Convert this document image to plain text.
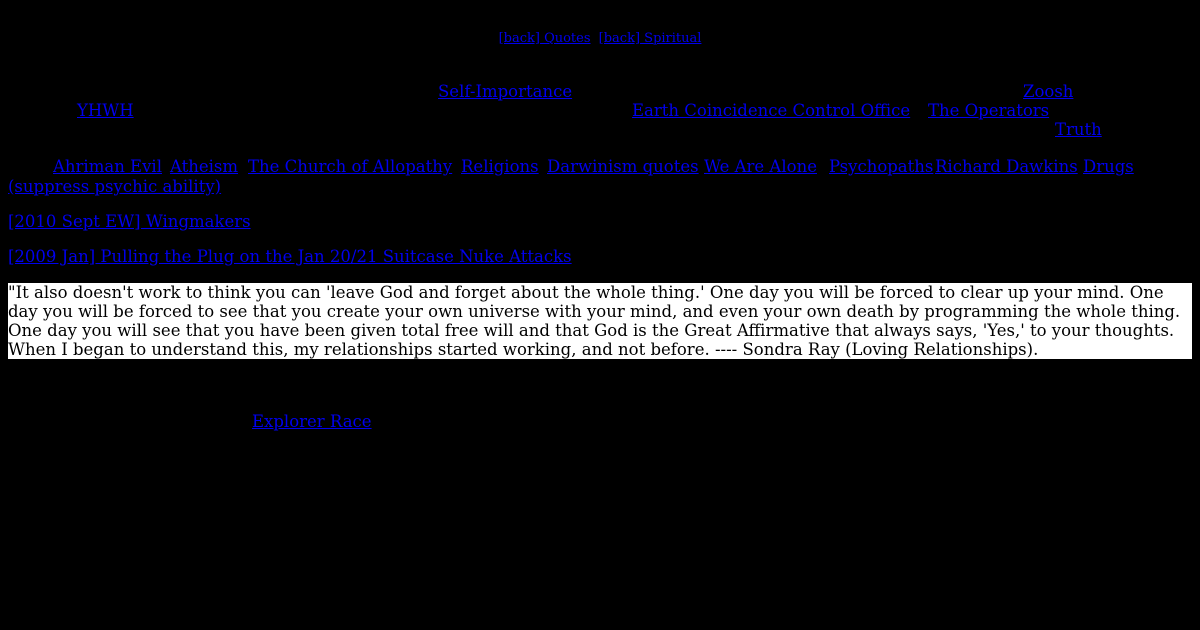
[back] Quotes [back] Spiritual
Self-Importance	Zoosh
YHWH	Earth Coincidence Control Office The Operators
Truth
Ahriman Evil Atheism The Church of Allopathy Religions Darwinism quotes We Are Alone Psychopaths Richard Dawkins Drugs
(suppress psychic ability)
[2010 Sept EW] Wingmakers
[2009 Jan] Pulling the Plug on the Jan 20/21 Suitcase Nuke Attacks

"It also doesn't work to think you can 'leave God and forget about the whole thing.' One day you will be forced to clear up your mind. One day you will be forced to see that you create your own universe with your mind, and even your own death by programming the whole thing. One day you will see that you have been given total free will and that God is the Great Affirmative that always says, 'Yes,' to your thoughts. When I began to understand this, my relationships started working, and not before. ---- Sondra Ray (Loving Relationships).

Explorer Race
